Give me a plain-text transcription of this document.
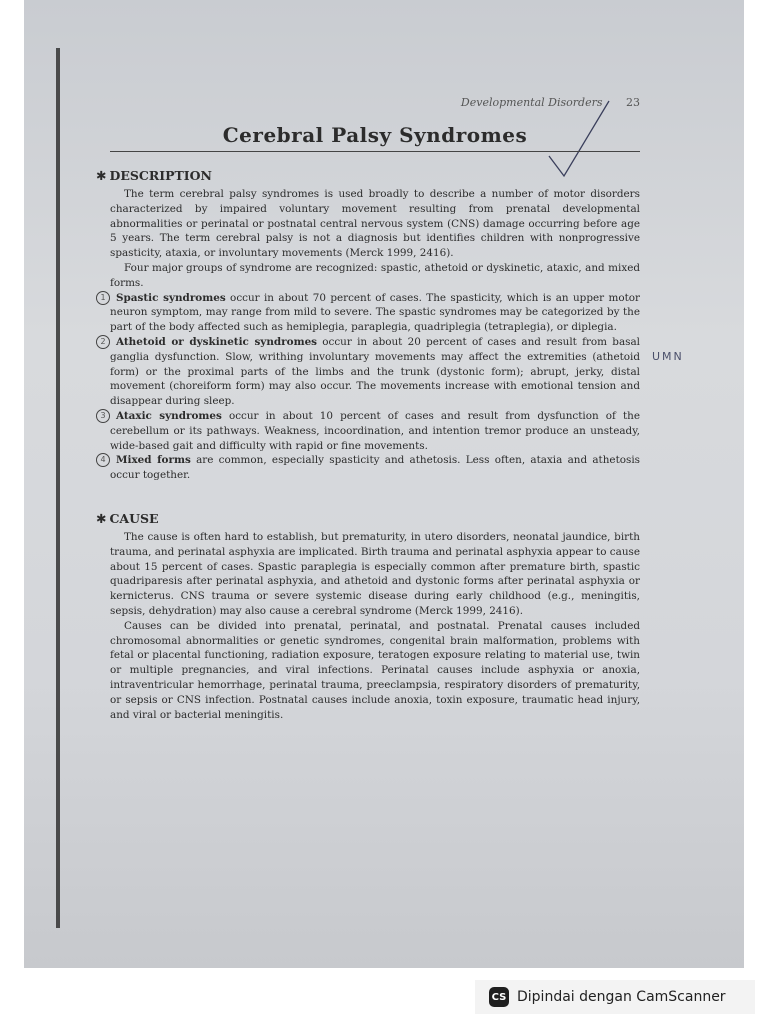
UMN
Developmental Disorders 23
Cerebral Palsy Syndromes
✱ DESCRIPTION

The term cerebral palsy syndromes is used broadly to describe a number of motor disorders characterized by impaired voluntary movement resulting from prenatal developmental abnormalities or perinatal or postnatal central nervous system (CNS) damage occurring before age 5 years. The term cerebral palsy is not a diagnosis but identifies children with nonprogressive spasticity, ataxia, or involuntary movements (Merck 1999, 2416).

Four major groups of syndrome are recognized: spastic, athetoid or dyskinetic, ataxic, and mixed forms.

1 Spastic syndromes occur in about 70 percent of cases. The spasticity, which is an upper motor neuron symptom, may range from mild to severe. The spastic syndromes may be categorized by the part of the body affected such as hemiplegia, paraplegia, quadriplegia (tetraplegia), or diplegia.

2 Athetoid or dyskinetic syndromes occur in about 20 percent of cases and result from basal ganglia dysfunction. Slow, writhing involuntary movements may affect the extremities (athetoid form) or the proximal parts of the limbs and the trunk (dystonic form); abrupt, jerky, distal movement (choreiform form) may also occur. The movements increase with emotional tension and disappear during sleep.

3 Ataxic syndromes occur in about 10 percent of cases and result from dysfunction of the cerebellum or its pathways. Weakness, incoordination, and intention tremor produce an unsteady, wide-based gait and difficulty with rapid or fine movements.

4 Mixed forms are common, especially spasticity and athetosis. Less often, ataxia and athetosis occur together.

✱ CAUSE

The cause is often hard to establish, but prematurity, in utero disorders, neonatal jaundice, birth trauma, and perinatal asphyxia are implicated. Birth trauma and perinatal asphyxia appear to cause about 15 percent of cases. Spastic paraplegia is especially common after premature birth, spastic quadriparesis after perinatal asphyxia, and athetoid and dystonic forms after perinatal asphyxia or kernicterus. CNS trauma or severe systemic disease during early childhood (e.g., meningitis, sepsis, dehydration) may also cause a cerebral syndrome (Merck 1999, 2416).

Causes can be divided into prenatal, perinatal, and postnatal. Prenatal causes included chromosomal abnormalities or genetic syndromes, congenital brain malformation, problems with fetal or placental functioning, radiation exposure, teratogen exposure relating to material use, twin or multiple pregnancies, and viral infections. Perinatal causes include asphyxia or anoxia, intraventricular hemorrhage, perinatal trauma, preeclampsia, respiratory disorders of prematurity, or sepsis or CNS infection. Postnatal causes include anoxia, toxin exposure, traumatic head injury, and viral or bacterial meningitis.

CS Dipindai dengan CamScanner
